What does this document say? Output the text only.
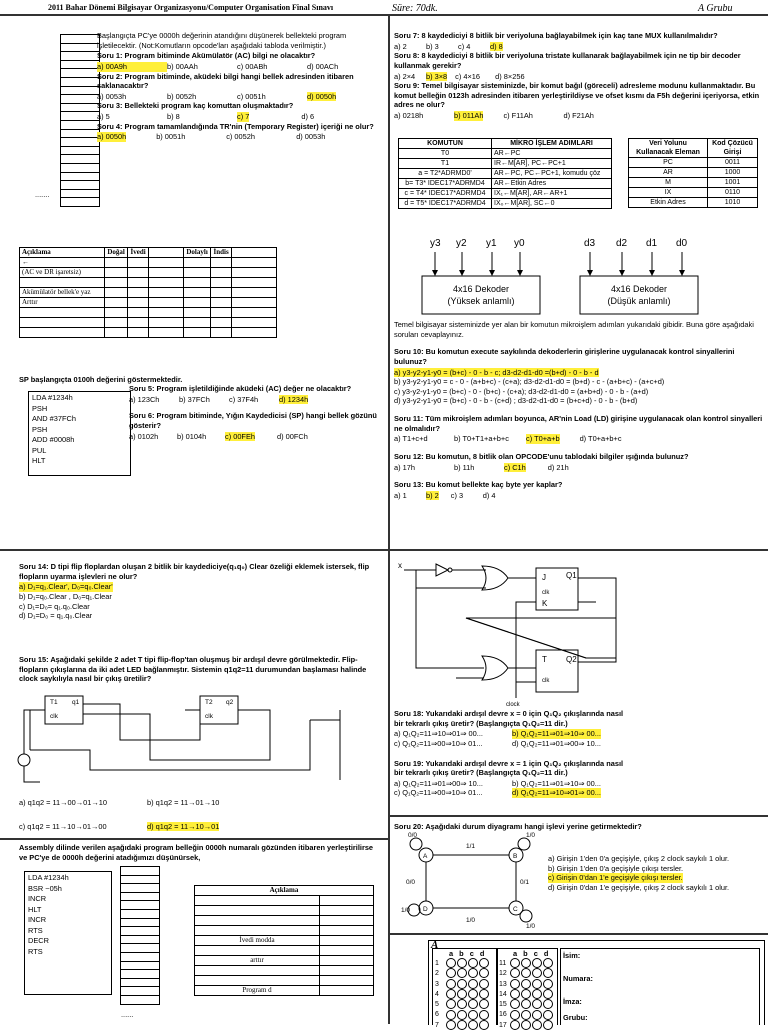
2011 Bahar Dönemi Bilgisayar Organizasyonu/Computer Organisation Final Sınavı	Süre: 70dk.	A Grubu

.......
Başlangıçta PC'ye 0000h değerinin atandığını düşünerek bellekteki program işletilecektir. (Not:Komutların opcode'ları aşağıdaki tabloda verilmiştir.)
Soru 1: Program bitiminde Akümülatör (AC) bilgi ne olacaktır?
a) 00A9h	b) 00AAh	c) 00ABh	d) 00ACh
Soru 2: Program bitiminde, aküdeki bilgi hangi bellek adresinden itibaren saklanacaktır?
a) 0053h	b) 0052h	c) 0051h	d) 0050h
Soru 3: Bellekteki program kaç komuttan oluşmaktadır?
a) 5	b) 8	c) 7	d) 6
Soru 4: Program tamamlandığında TR'nin (Temporary Register) içeriği ne olur?
a) 0050h	b) 0051h	c) 0052h	d) 0053h
Açıklama	Doğal	İvedi		Dolaylı	İndis	
←						
(AC ve DR işaretsiz)						

Akümülatör bellek'e yaz						
Arttır						

SP başlangıçta 0100h değerini göstermektedir.
LDA #1234h
PSH
AND #37FCh
PSH
ADD #0008h
PUL
HLT
Soru 5: Program işletildiğinde aküdeki (AC) değer ne olacaktır?
a) 123Ch	b) 37FCh	c) 37F4h	d) 1234h
Soru 6: Program bitiminde, Yığın Kaydedicisi (SP) hangi bellek gözünü gösterir?
a) 0102h	b) 0104h	c) 00FEh	d) 00FCh
Soru 7: 8 kaydediciyi 8 bitlik bir veriyoluna bağlayabilmek için kaç tane MUX kullanılmalıdır?
a) 2	b) 3	c) 4	d) 8
Soru 8: 8 kaydediciyi 8 bitlik bir veriyoluna tristate kullanarak bağlayabilmek için ne tip bir decoder kullanmak gerekir?
a) 2×4	b) 3×8 c) 4×16	d) 8×256
Soru 9: Temel bilgisayar sisteminizde, bir komut bağıl (göreceli) adresleme modunu kullanmaktadır. Bu komut belleğin 0123h adresinden itibaren yerleştirildiyse ve ofset kısmı da F5h değerini içeriyorsa, etkin adres ne olur?
a) 0218h	b) 011Ah	c) F11Ah	d) F21Ah
KOMUTUN	MİKRO İŞLEM ADIMLARI
T0	AR←PC
T1	IR←M[AR], PC←PC+1
a = T2*ADRMD0'	AR←PC, PC←PC+1, komudu çöz
b= T3* IDEC17*ADRMD4	AR←Etkin Adres
c = T4* IDEC17*ADRMD4	IX₁←M[AR], AR←AR+1
d = T5* IDEC17*ADRMD4	IX₀←M[AR], SC←0
Veri Yolunu Kullanacak Eleman	Kod Çözücü Girişi
PC	0011
AR	1000
M	1001
IX	0110
Etkin Adres	1010
y3 y2 y1 y0	d3 d2 d1 d0
4x16 Dekoder
(Yüksek anlamlı)
4x16 Dekoder
(Düşük anlamlı)
Temel bilgisayar sisteminizde yer alan bir komutun mikroişlem adımları yukarıdaki gibidir. Buna göre aşağıdaki soruları cevaplayınız.
Soru 10: Bu komutun execute saykılında dekoderlerin girişlerine uygulanacak kontrol sinyallerini bulunuz?
a) y3-y2-y1-y0 = (b+c) - 0 - b - c; d3-d2-d1-d0 =(b+d) - 0 - b - d
b) y3-y2-y1-y0 = c - 0 - (a+b+c) - (c+a); d3-d2-d1-d0 = (b+d) - c - (a+b+c) - (a+c+d)
c) y3-y2-y1-y0 = (b+c) - 0 - (b+c) - (c+a); d3-d2-d1-d0 = (a+b+d) - 0 - b - (a+d)
d) y3-y2-y1-y0 = (b+c) - 0 - b - (c+d) ; d3-d2-d1-d0 = (b+c+d) - 0 - b - (b+d)
Soru 11: Tüm mikroişlem adımları boyunca, AR'nin Load (LD) girişine uygulanacak olan kontrol sinyalleri ne olmalıdır?
a) T1+c+d	b) T0+T1+a+b+c	c) T0+a+b	d) T0+a+b+c
Soru 12: Bu komutun, 8 bitlik olan OPCODE'unu tablodaki bilgiler ışığında bulunuz?
a) 17h	b) 11h	c) C1h	d) 21h
Soru 13: Bu komut bellekte kaç byte yer kaplar?
a) 1	b) 2 c) 3	d) 4
Soru 14: D tipi flip floplardan oluşan 2 bitlik bir kaydediciye(q₁q₀) Clear özeliği eklemek istersek, flip flopların uyarma işlevleri ne olur?
a) D₁=q₁.Clear', D₀=q₀.Clear'
b) D₁=q₀.Clear , D₀=q₁.Clear
c) D₁=D₀= q₁.q₀.Clear
d) D₁=D₀ = q₁.q₀.Clear
Soru 15: Aşağıdaki şekilde 2 adet T tipi flip-flop'tan oluşmuş bir ardışıl devre görülmektedir. Flip-flopların çıkışlarına da iki adet LED bağlanmıştır. Sistemin q1q2=11 durumundan başlaması halinde clock saykılıyla nasıl bir çıkış üretilir?
T1 q1	T2 q2
clk	clk
a) q1q2 = 11→00→01→10	b) q1q2 = 11→01→10
c) q1q2 = 11→10→01→00	d) q1q2 = 11→10→01
Assembly dilinde verilen aşağıdaki program belleğin 0000h numaralı gözünden itibaren yerleştirilirse ve PC'ye de 0000h değerini atadığımızı düşünürsek,
LDA #1234h
BSR ~05h
INCR
HLT
INCR
RTS
DECR
RTS

......
Açıklama	

İvedi modda	

arttır	

Program d	
x
J
K
clk
Q1
T
clk
Q2
clock
Soru 18: Yukarıdaki ardışıl devre x = 0 için Q₁Q₂ çıkışlarında nasıl bir tekrarlı çıkış üretir? (Başlangıçta Q₁Q₂=11 dir.)
a) Q₁Q₂=11⇒10⇒01⇒ 00...	b) Q₁Q₂=11⇒01⇒10⇒ 00...
c) Q₁Q₂=11⇒00⇒10⇒ 01...	d) Q₁Q₂=11⇒01⇒00⇒ 10...
Soru 19: Yukarıdaki ardışıl devre x = 1 için Q₁Q₂ çıkışlarında nasıl bir tekrarlı çıkış üretir? (Başlangıçta Q₁Q₂=11 dir.)
a) Q₁Q₂=11⇒01⇒00⇒ 10...	b) Q₁Q₂=11⇒01⇒10⇒ 00...
c) Q₁Q₂=11⇒00⇒10⇒ 01...	d) Q₁Q₂=11⇒10⇒01⇒ 00...
Soru 20: Aşağıdaki durum diyagramı hangi işlevi yerine getirmektedir?
A	B
C
D
0/0
1/1
1/0
0/1
0/0
1/0
1/0
1/0
a) Girişin 1'den 0'a geçişiyle, çıkış 2 clock saykılı 1 olur.
b) Girişin 1'den 0'a geçişiyle çıkışı tersler.
c) Girişin 0'dan 1'e geçişiyle çıkışı tersler.
d) Girişin 0'dan 1'e geçişiyle, çıkış 2 clock saykılı 1 olur.
A
a b c d
1
2
3
4
5
6
7
a b c d
11
12
13
14
15
16
17
İsim:
Numara:
İmza:
Grubu:
